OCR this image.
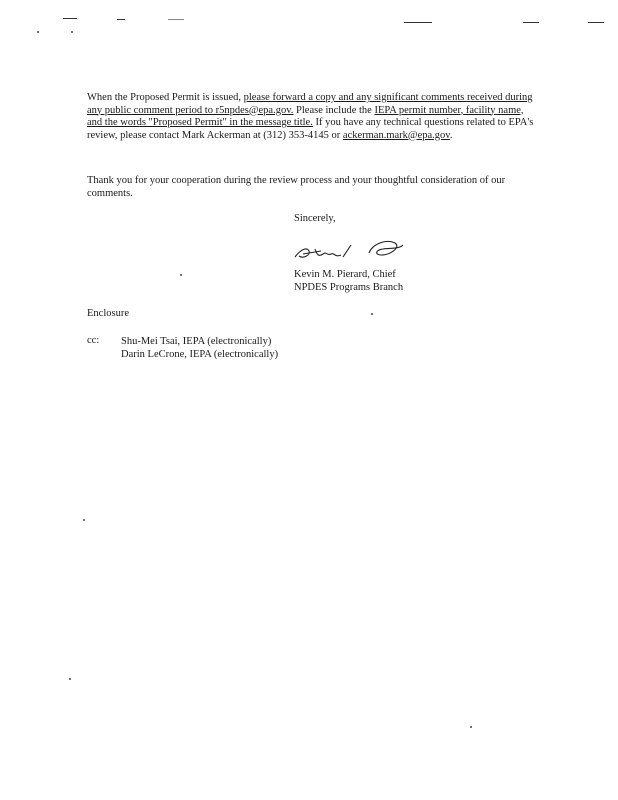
When the Proposed Permit is issued, please forward a copy and any significant comments received during any public comment period to r5npdes@epa.gov. Please include the IEPA permit number, facility name, and the words "Proposed Permit" in the message title. If you have any technical questions related to EPA's review, please contact Mark Ackerman at (312) 353-4145 or ackerman.mark@epa.gov.

Thank you for your cooperation during the review process and your thoughtful consideration of our comments.

Sincerely,
Kevin M. Pierard, Chief
NPDES Programs Branch
Enclosure
cc: Shu-Mei Tsai, IEPA (electronically)
Darin LeCrone, IEPA (electronically)
